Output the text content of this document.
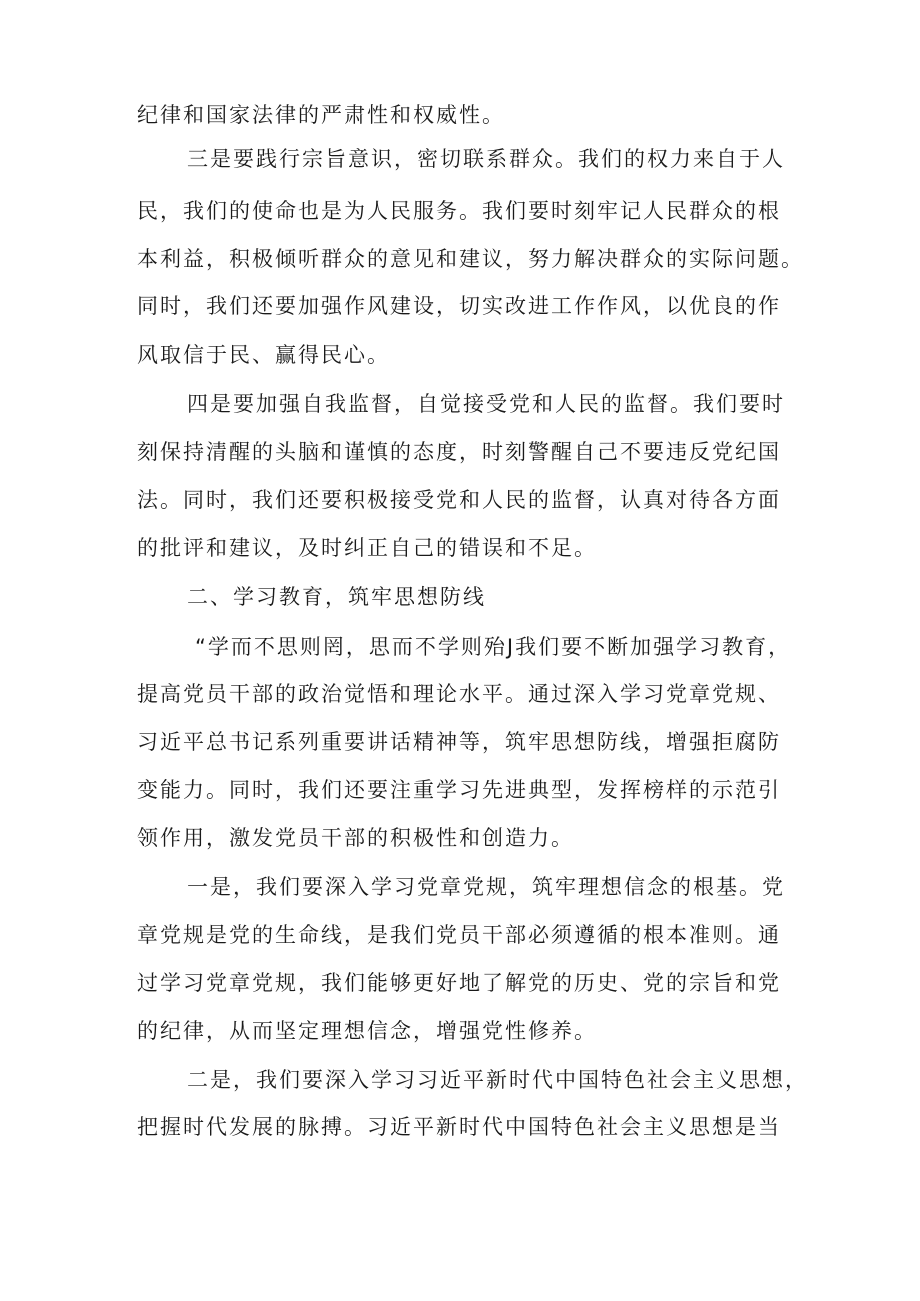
纪律和国家法律的严肃性和权威性。
三是要践行宗旨意识，密切联系群众。我们的权力来自于人
民，我们的使命也是为人民服务。我们要时刻牢记人民群众的根
本利益，积极倾听群众的意见和建议，努力解决群众的实际问题。
同时，我们还要加强作风建设，切实改进工作作风，以优良的作
风取信于民、赢得民心。
四是要加强自我监督，自觉接受党和人民的监督。我们要时
刻保持清醒的头脑和谨慎的态度，时刻警醒自己不要违反党纪国
法。同时，我们还要积极接受党和人民的监督，认真对待各方面
的批评和建议，及时纠正自己的错误和不足。
二、学习教育，筑牢思想防线
“学而不思则罔，思而不学则殆J我们要不断加强学习教育，
提高党员干部的政治觉悟和理论水平。通过深入学习党章党规、
习近平总书记系列重要讲话精神等，筑牢思想防线，增强拒腐防
变能力。同时，我们还要注重学习先进典型，发挥榜样的示范引
领作用，激发党员干部的积极性和创造力。
一是，我们要深入学习党章党规，筑牢理想信念的根基。党
章党规是党的生命线，是我们党员干部必须遵循的根本准则。通
过学习党章党规，我们能够更好地了解党的历史、党的宗旨和党
的纪律，从而坚定理想信念，增强党性修养。
二是，我们要深入学习习近平新时代中国特色社会主义思想，
把握时代发展的脉搏。习近平新时代中国特色社会主义思想是当
